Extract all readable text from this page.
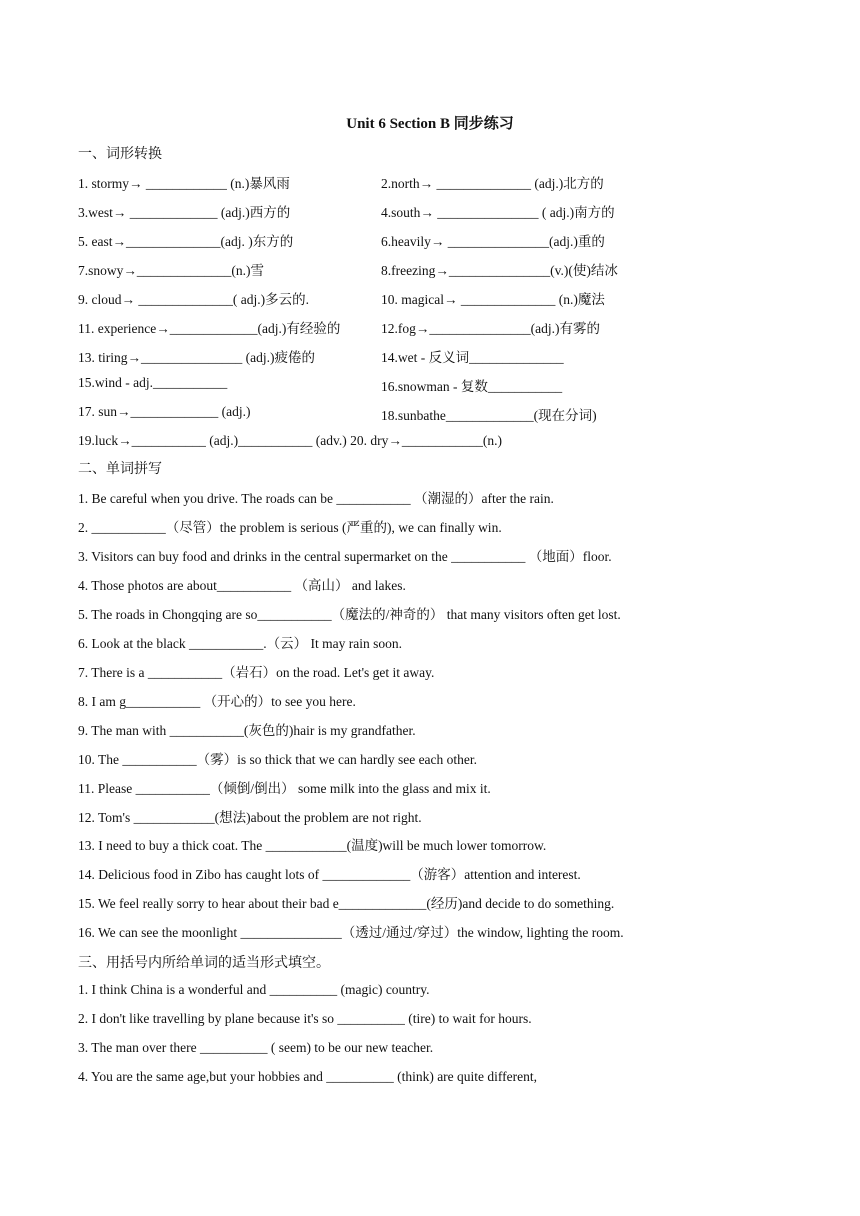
Unit 6 Section B 同步练习
一、词形转换
1. stormy→ ____________ (n.)暴风雨	2.north→ ______________ (adj.)北方的
3.west→ _____________ (adj.)西方的	4.south→ _______________ ( adj.)南方的
5. east→______________(adj. )东方的	6.heavily→ _______________(adj.)重的
7.snowy→______________(n.)雪	8.freezing→_______________(v.)(使)结冰
9. cloud→ ______________( adj.)多云的.	10. magical→ ______________ (n.)魔法
11. experience→_____________(adj.)有经验的	12.fog→_______________(adj.)有雾的
13. tiring→_______________ (adj.)疲倦的	14.wet - 反义词______________
15.wind - adj.___________	16.snowman - 复数___________
17. sun→_____________ (adj.)	18.sunbathe_____________(现在分词)
19.luck→___________ (adj.)___________ (adv.) 20. dry→____________(n.)
二、单词拼写
1. Be careful when you drive. The roads can be ___________ （潮湿的）after the rain.
2. ___________（尽管）the problem is serious (严重的), we can finally win.
3. Visitors can buy food and drinks in the central supermarket on the ___________ （地面）floor.
4. Those photos are about___________ （高山） and lakes.
5. The roads in Chongqing are so___________（魔法的/神奇的） that many visitors often get lost.
6. Look at the black ___________.（云） It may rain soon.
7. There is a ___________（岩石）on the road. Let's get it away.
8. I am g___________ （开心的）to see you here.
9. The man with ___________(灰色的)hair is my grandfather.
10. The ___________（雾）is so thick that we can hardly see each other.
11. Please ___________（倾倒/倒出） some milk into the glass and mix it.
12. Tom's ____________(想法)about the problem are not right.
13. I need to buy a thick coat. The ____________(温度)will be much lower tomorrow.
14. Delicious food in Zibo has caught lots of _____________（游客）attention and interest.
15. We feel really sorry to hear about their bad e_____________(经历)and decide to do something.
16. We can see the moonlight _______________（透过/通过/穿过）the window, lighting the room.
三、用括号内所给单词的适当形式填空。
1. I think China is a wonderful and __________ (magic) country.
2. I don't like travelling by plane because it's so __________ (tire) to wait for hours.
3. The man over there __________ ( seem) to be our new teacher.
4. You are the same age,but your hobbies and __________ (think) are quite different,
